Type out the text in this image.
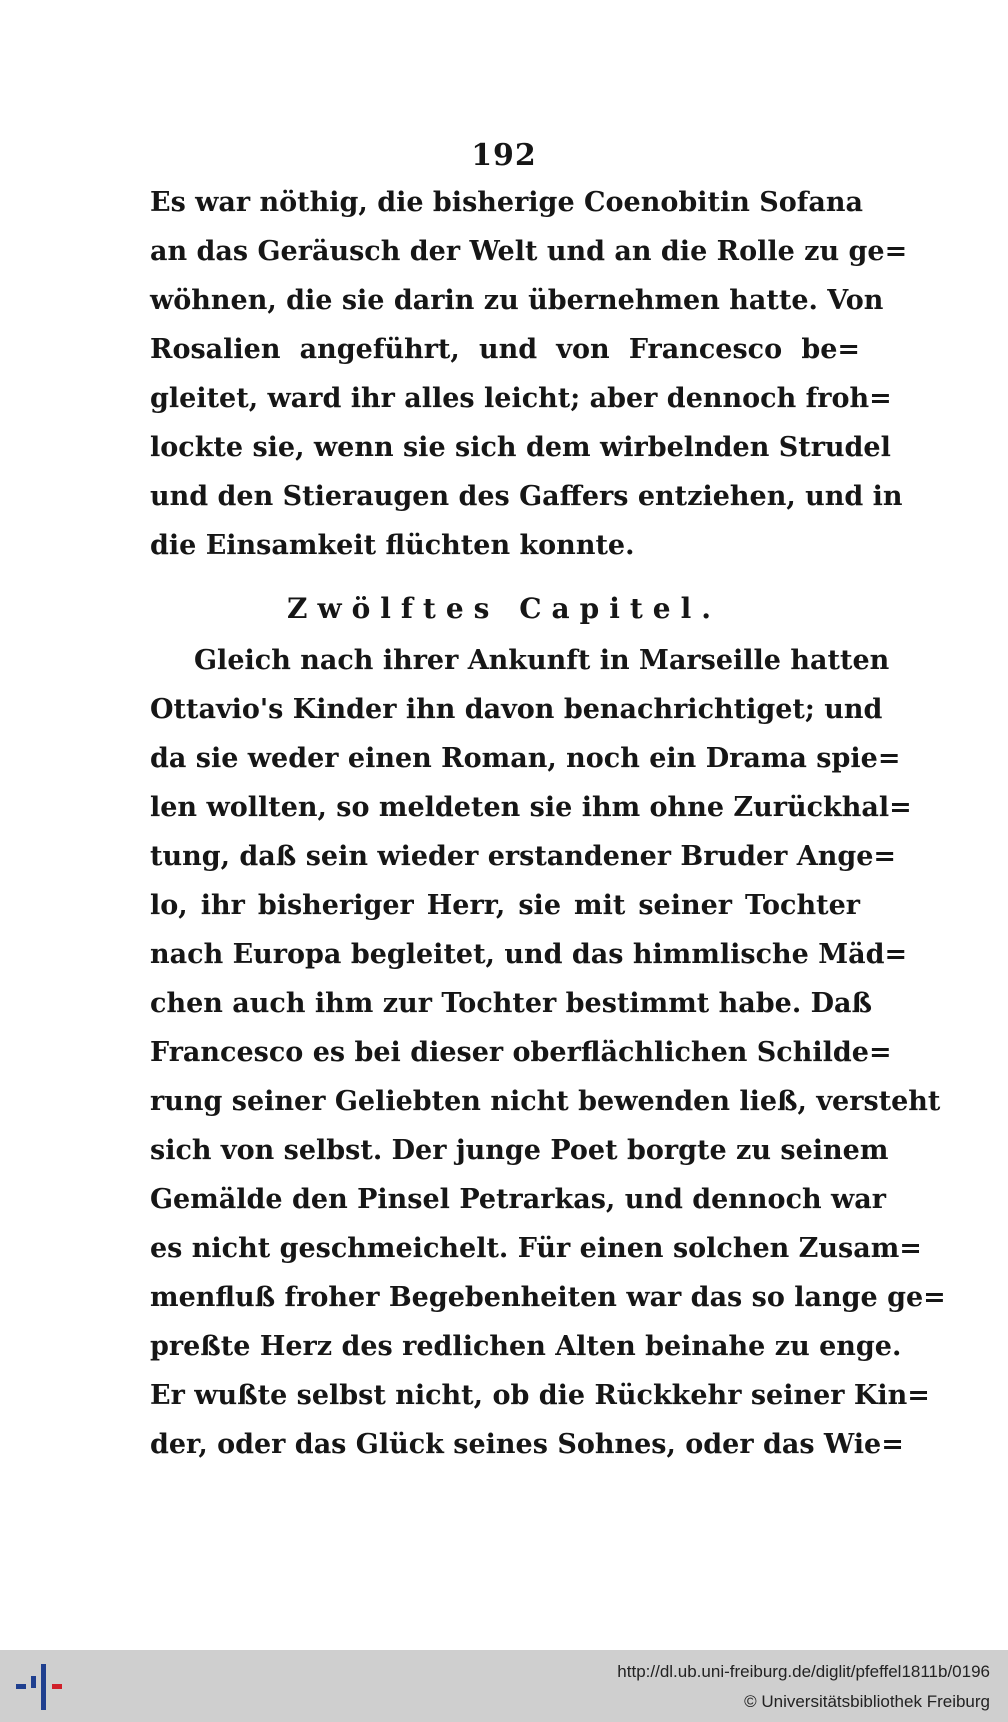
192
Es war nöthig, die bisherige Coenobitin Sofana
an das Geräusch der Welt und an die Rolle zu ge=
wöhnen, die sie darin zu übernehmen hatte. Von
Rosalien angeführt, und von Francesco be=
gleitet, ward ihr alles leicht; aber dennoch froh=
lockte sie, wenn sie sich dem wirbelnden Strudel
und den Stieraugen des Gaffers entziehen, und in
die Einsamkeit flüchten konnte.
Zwölftes Capitel.
Gleich nach ihrer Ankunft in Marseille hatten
Ottavio's Kinder ihn davon benachrichtiget; und
da sie weder einen Roman, noch ein Drama spie=
len wollten, so meldeten sie ihm ohne Zurückhal=
tung, daß sein wieder erstandener Bruder Ange=
lo, ihr bisheriger Herr, sie mit seiner Tochter
nach Europa begleitet, und das himmlische Mäd=
chen auch ihm zur Tochter bestimmt habe. Daß
Francesco es bei dieser oberflächlichen Schilde=
rung seiner Geliebten nicht bewenden ließ, versteht
sich von selbst. Der junge Poet borgte zu seinem
Gemälde den Pinsel Petrarkas, und dennoch war
es nicht geschmeichelt. Für einen solchen Zusam=
menfluß froher Begebenheiten war das so lange ge=
preßte Herz des redlichen Alten beinahe zu enge.
Er wußte selbst nicht, ob die Rückkehr seiner Kin=
der, oder das Glück seines Sohnes, oder das Wie=
http://dl.ub.uni-freiburg.de/diglit/pfeffel1811b/0196
© Universitätsbibliothek Freiburg
